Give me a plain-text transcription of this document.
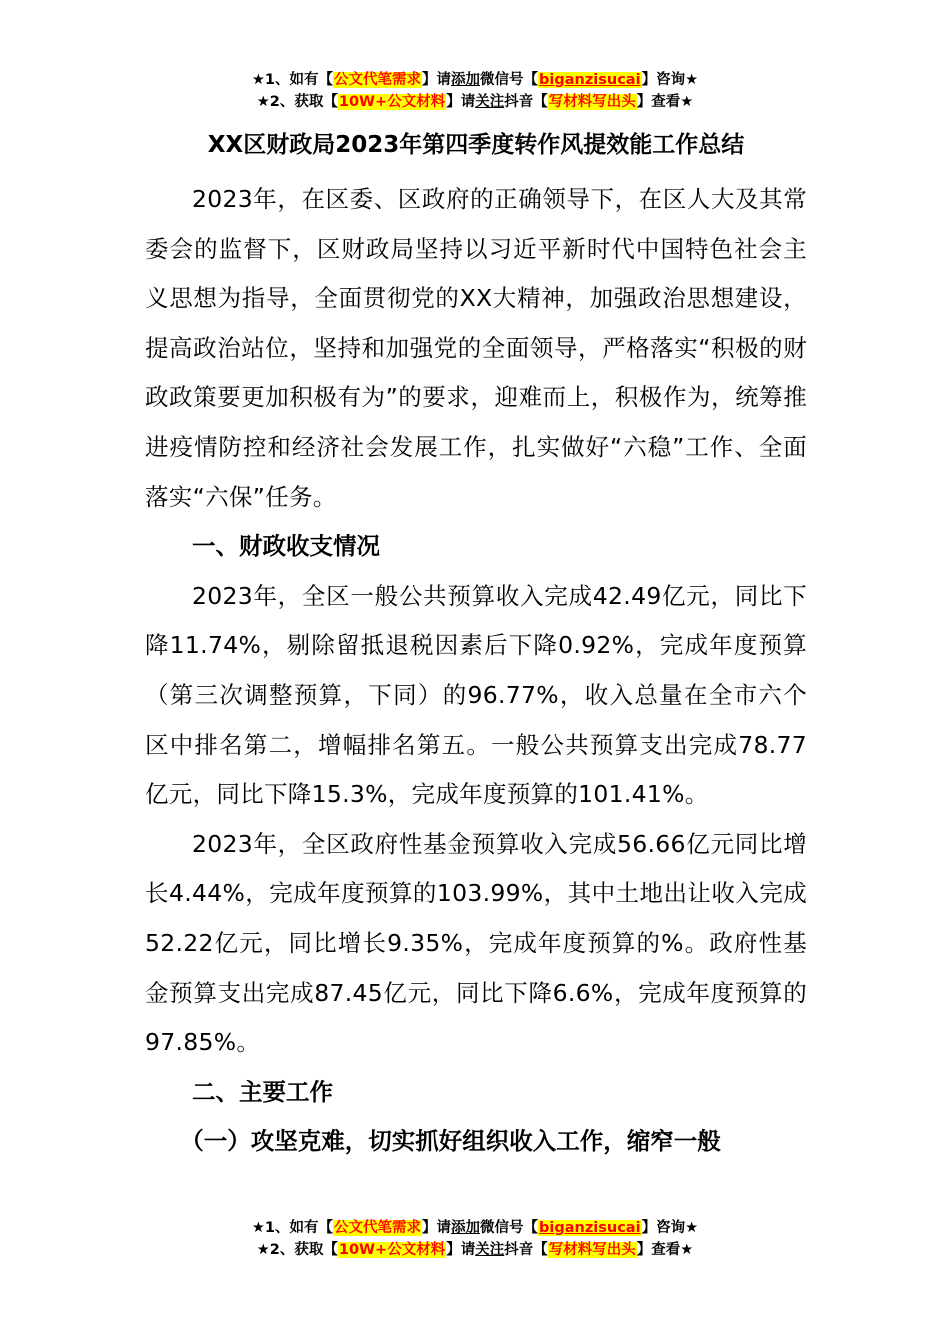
★1、如有【公文代笔需求】请添加微信号【biganzisucai】咨询★
★2、获取【10W+公文材料】请关注抖音【写材料写出头】查看★
XX区财政局2023年第四季度转作风提效能工作总结

2023年，在区委、区政府的正确领导下，在区人大及其常委会的监督下，区财政局坚持以习近平新时代中国特色社会主义思想为指导，全面贯彻党的XX大精神，加强政治思想建设，提高政治站位，坚持和加强党的全面领导，严格落实“积极的财政政策要更加积极有为”的要求，迎难而上，积极作为，统筹推进疫情防控和经济社会发展工作，扎实做好“六稳”工作、全面落实“六保”任务。

一、财政收支情况

2023年，全区一般公共预算收入完成42.49亿元，同比下降11.74%，剔除留抵退税因素后下降0.92%，完成年度预算（第三次调整预算，下同）的96.77%，收入总量在全市六个区中排名第二，增幅排名第五。一般公共预算支出完成78.77亿元，同比下降15.3%，完成年度预算的101.41%。

2023年，全区政府性基金预算收入完成56.66亿元同比增长4.44%，完成年度预算的103.99%，其中土地出让收入完成52.22亿元，同比增长9.35%，完成年度预算的%。政府性基金预算支出完成87.45亿元，同比下降6.6%，完成年度预算的97.85%。

二、主要工作

（一）攻坚克难，切实抓好组织收入工作，缩窄一般

★1、如有【公文代笔需求】请添加微信号【biganzisucai】咨询★
★2、获取【10W+公文材料】请关注抖音【写材料写出头】查看★
